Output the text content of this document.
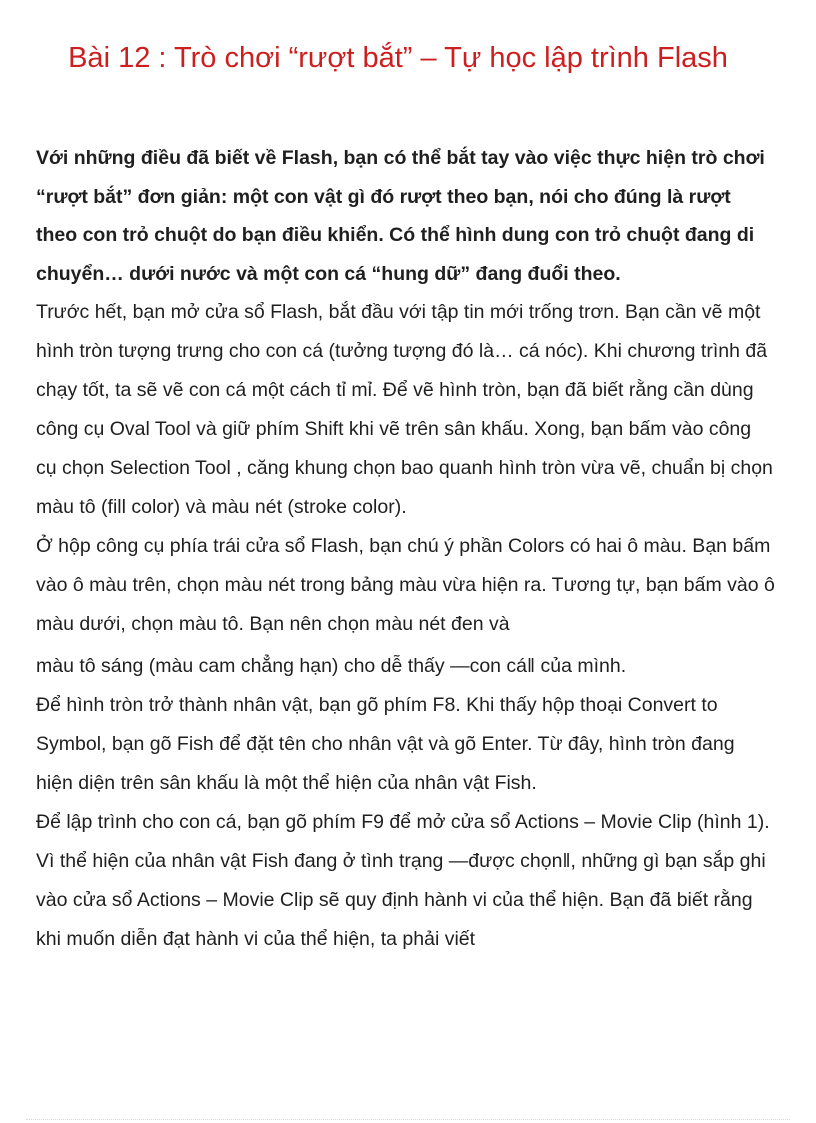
Bài 12 : Trò chơi “rượt bắt” – Tự học lập trình Flash

Với những điều đã biết về Flash, bạn có thể bắt tay vào việc thực hiện trò chơi “rượt bắt” đơn giản: một con vật gì đó rượt theo bạn, nói cho đúng là rượt theo con trỏ chuột do bạn điều khiển. Có thể hình dung con trỏ chuột đang di chuyển… dưới nước và một con cá “hung dữ” đang đuổi theo.

Trước hết, bạn mở cửa sổ Flash, bắt đầu với tập tin mới trống trơn. Bạn cần vẽ một hình tròn tượng trưng cho con cá (tưởng tượng đó là… cá nóc). Khi chương trình đã chạy tốt, ta sẽ vẽ con cá một cách tỉ mỉ. Để vẽ hình tròn, bạn đã biết rằng cần dùng công cụ Oval Tool và giữ phím Shift khi vẽ trên sân khấu. Xong, bạn bấm vào công cụ chọn Selection Tool , căng khung chọn bao quanh hình tròn vừa vẽ, chuẩn bị chọn màu tô (fill color) và màu nét (stroke color).

Ở hộp công cụ phía trái cửa sổ Flash, bạn chú ý phần Colors có hai ô màu. Bạn bấm vào ô màu trên, chọn màu nét trong bảng màu vừa hiện ra. Tương tự, bạn bấm vào ô màu dưới, chọn màu tô. Bạn nên chọn màu nét đen và

màu tô sáng (màu cam chẳng hạn) cho dễ thấy ―con cá‖ của mình.

Để hình tròn trở thành nhân vật, bạn gõ phím F8. Khi thấy hộp thoại Convert to Symbol, bạn gõ Fish để đặt tên cho nhân vật và gõ Enter. Từ đây, hình tròn đang hiện diện trên sân khấu là một thể hiện của nhân vật Fish.

Để lập trình cho con cá, bạn gõ phím F9 để mở cửa sổ Actions – Movie Clip (hình 1). Vì thể hiện của nhân vật Fish đang ở tình trạng ―được chọn‖, những gì bạn sắp ghi vào cửa sổ Actions – Movie Clip sẽ quy định hành vi của thể hiện. Bạn đã biết rằng khi muốn diễn đạt hành vi của thể hiện, ta phải viết
